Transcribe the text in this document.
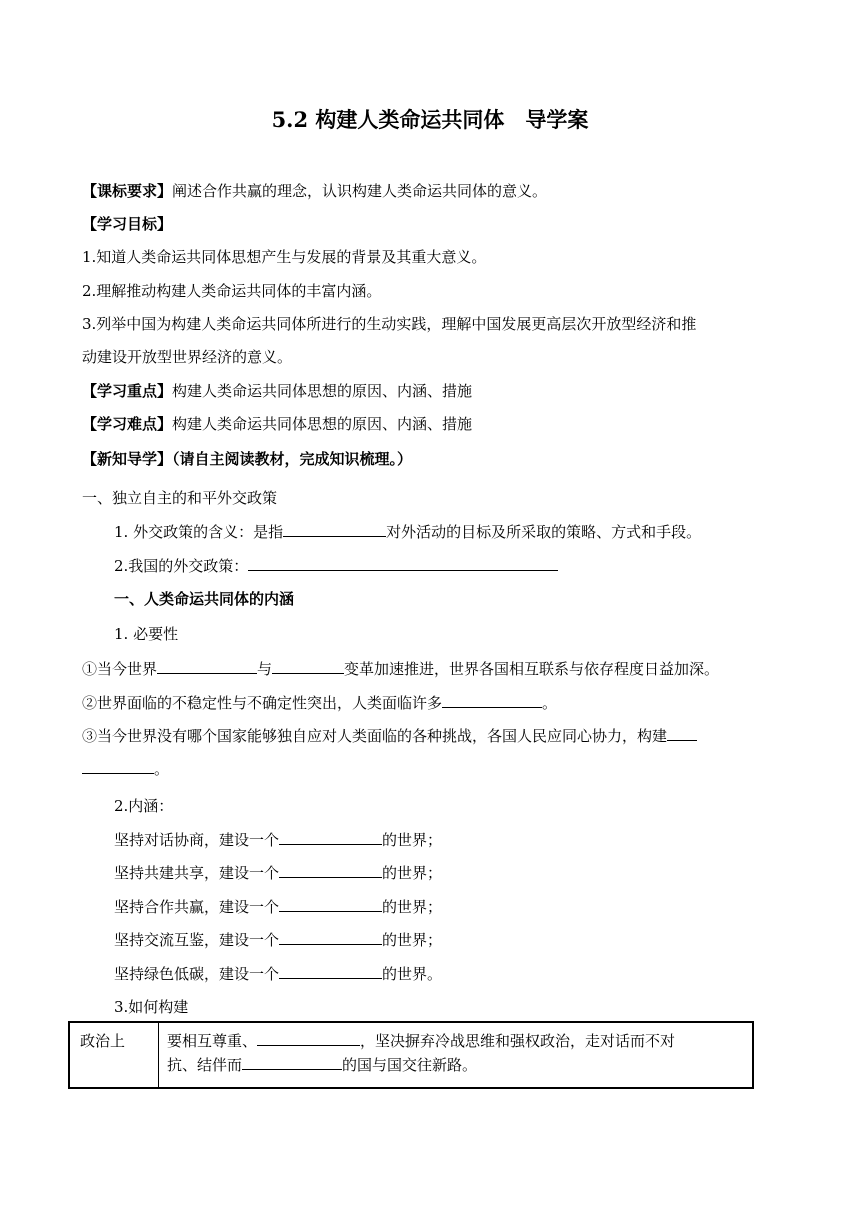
5.2 构建人类命运共同体　导学案
【课标要求】阐述合作共赢的理念，认识构建人类命运共同体的意义。
【学习目标】
1.知道人类命运共同体思想产生与发展的背景及其重大意义。
2.理解推动构建人类命运共同体的丰富内涵。
3.列举中国为构建人类命运共同体所进行的生动实践，理解中国发展更高层次开放型经济和推
动建设开放型世界经济的意义。
【学习重点】构建人类命运共同体思想的原因、内涵、措施
【学习难点】构建人类命运共同体思想的原因、内涵、措施
【新知导学】（请自主阅读教材，完成知识梳理。）
一、独立自主的和平外交政策
1. 外交政策的含义：是指	对外活动的目标及所采取的策略、方式和手段。
2.我国的外交政策：
一、人类命运共同体的内涵
1. 必要性
①当今世界	与	变革加速推进，世界各国相互联系与依存程度日益加深。
②世界面临的不稳定性与不确定性突出，人类面临许多	。
③当今世界没有哪个国家能够独自应对人类面临的各种挑战，各国人民应同心协力，构建
。
2.内涵：
坚持对话协商，建设一个	的世界；
坚持共建共享，建设一个	的世界；
坚持合作共赢，建设一个	的世界；
坚持交流互鉴，建设一个	的世界；
坚持绿色低碳，建设一个	的世界。
3.如何构建
政治上	要相互尊重、	，坚决摒弃冷战思维和强权政治，走对话而不对
抗、结伴而	的国与国交往新路。
